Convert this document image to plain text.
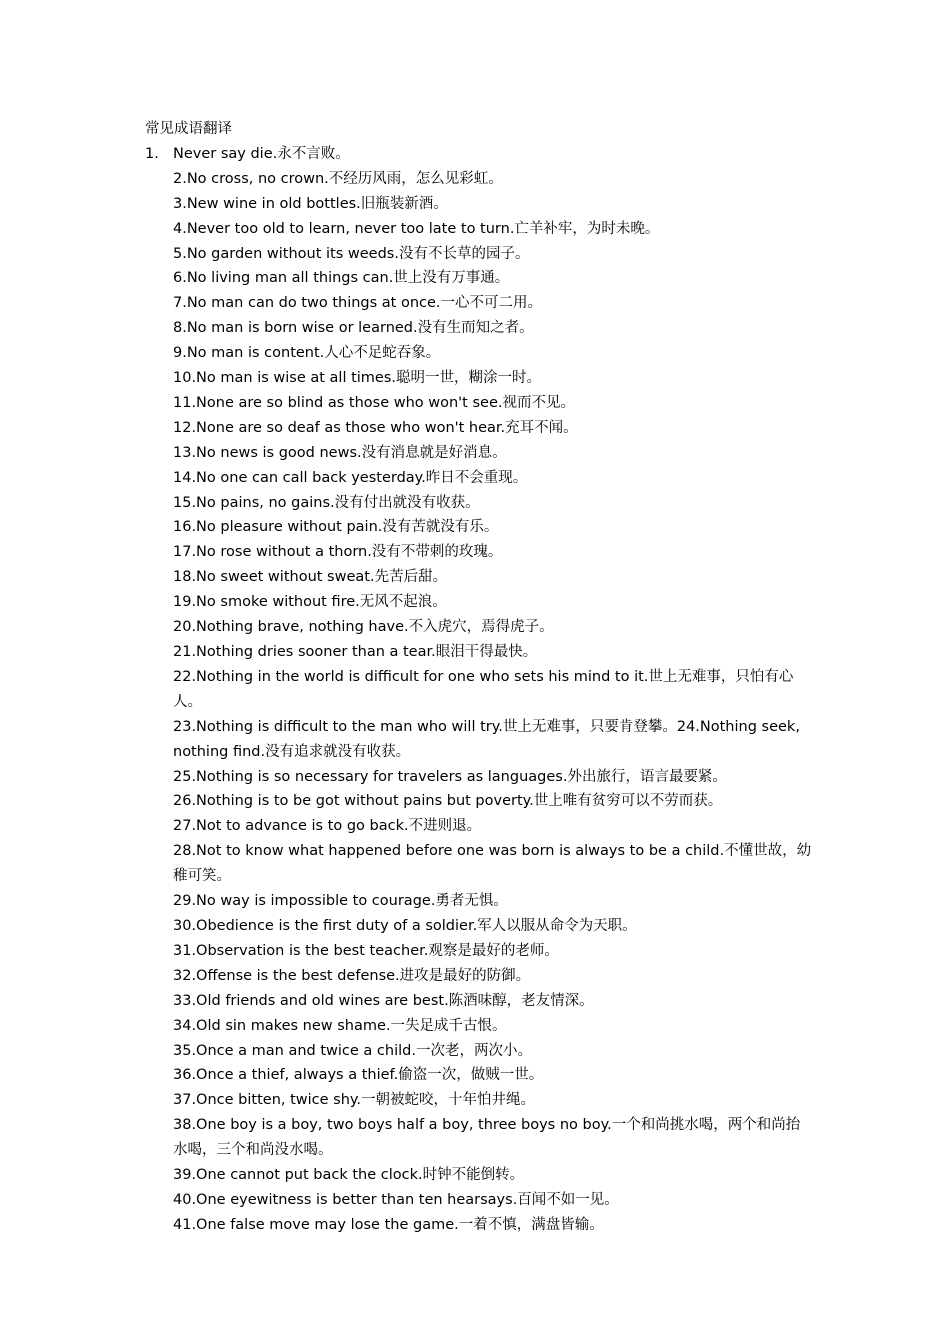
常见成语翻译
1. Never say die.永不言败。
2.No cross, no crown.不经历风雨，怎么见彩虹。
3.New wine in old bottles.旧瓶装新酒。
4.Never too old to learn, never too late to turn.亡羊补牢，为时未晚。
5.No garden without its weeds.没有不长草的园子。
6.No living man all things can.世上没有万事通。
7.No man can do two things at once.一心不可二用。
8.No man is born wise or learned.没有生而知之者。
9.No man is content.人心不足蛇吞象。
10.No man is wise at all times.聪明一世，糊涂一时。
11.None are so blind as those who won't see.视而不见。
12.None are so deaf as those who won't hear.充耳不闻。
13.No news is good news.没有消息就是好消息。
14.No one can call back yesterday.昨日不会重现。
15.No pains, no gains.没有付出就没有收获。
16.No pleasure without pain.没有苦就没有乐。
17.No rose without a thorn.没有不带刺的玫瑰。
18.No sweet without sweat.先苦后甜。
19.No smoke without fire.无风不起浪。
20.Nothing brave, nothing have.不入虎穴，焉得虎子。
21.Nothing dries sooner than a tear.眼泪干得最快。
22.Nothing in the world is difficult for one who sets his mind to it.世上无难事，只怕有心人。
23.Nothing is difficult to the man who will try.世上无难事，只要肯登攀。24.Nothing seek, nothing find.没有追求就没有收获。
25.Nothing is so necessary for travelers as languages.外出旅行，语言最要紧。
26.Nothing is to be got without pains but poverty.世上唯有贫穷可以不劳而获。
27.Not to advance is to go back.不进则退。
28.Not to know what happened before one was born is always to be a child.不懂世故，幼稚可笑。
29.No way is impossible to courage.勇者无惧。
30.Obedience is the first duty of a soldier.军人以服从命令为天职。
31.Observation is the best teacher.观察是最好的老师。
32.Offense is the best defense.进攻是最好的防御。
33.Old friends and old wines are best.陈酒味醇，老友情深。
34.Old sin makes new shame.一失足成千古恨。
35.Once a man and twice a child.一次老，两次小。
36.Once a thief, always a thief.偷盗一次，做贼一世。
37.Once bitten, twice shy.一朝被蛇咬，十年怕井绳。
38.One boy is a boy, two boys half a boy, three boys no boy.一个和尚挑水喝，两个和尚抬水喝，三个和尚没水喝。
39.One cannot put back the clock.时钟不能倒转。
40.One eyewitness is better than ten hearsays.百闻不如一见。
41.One false move may lose the game.一着不慎，满盘皆输。
